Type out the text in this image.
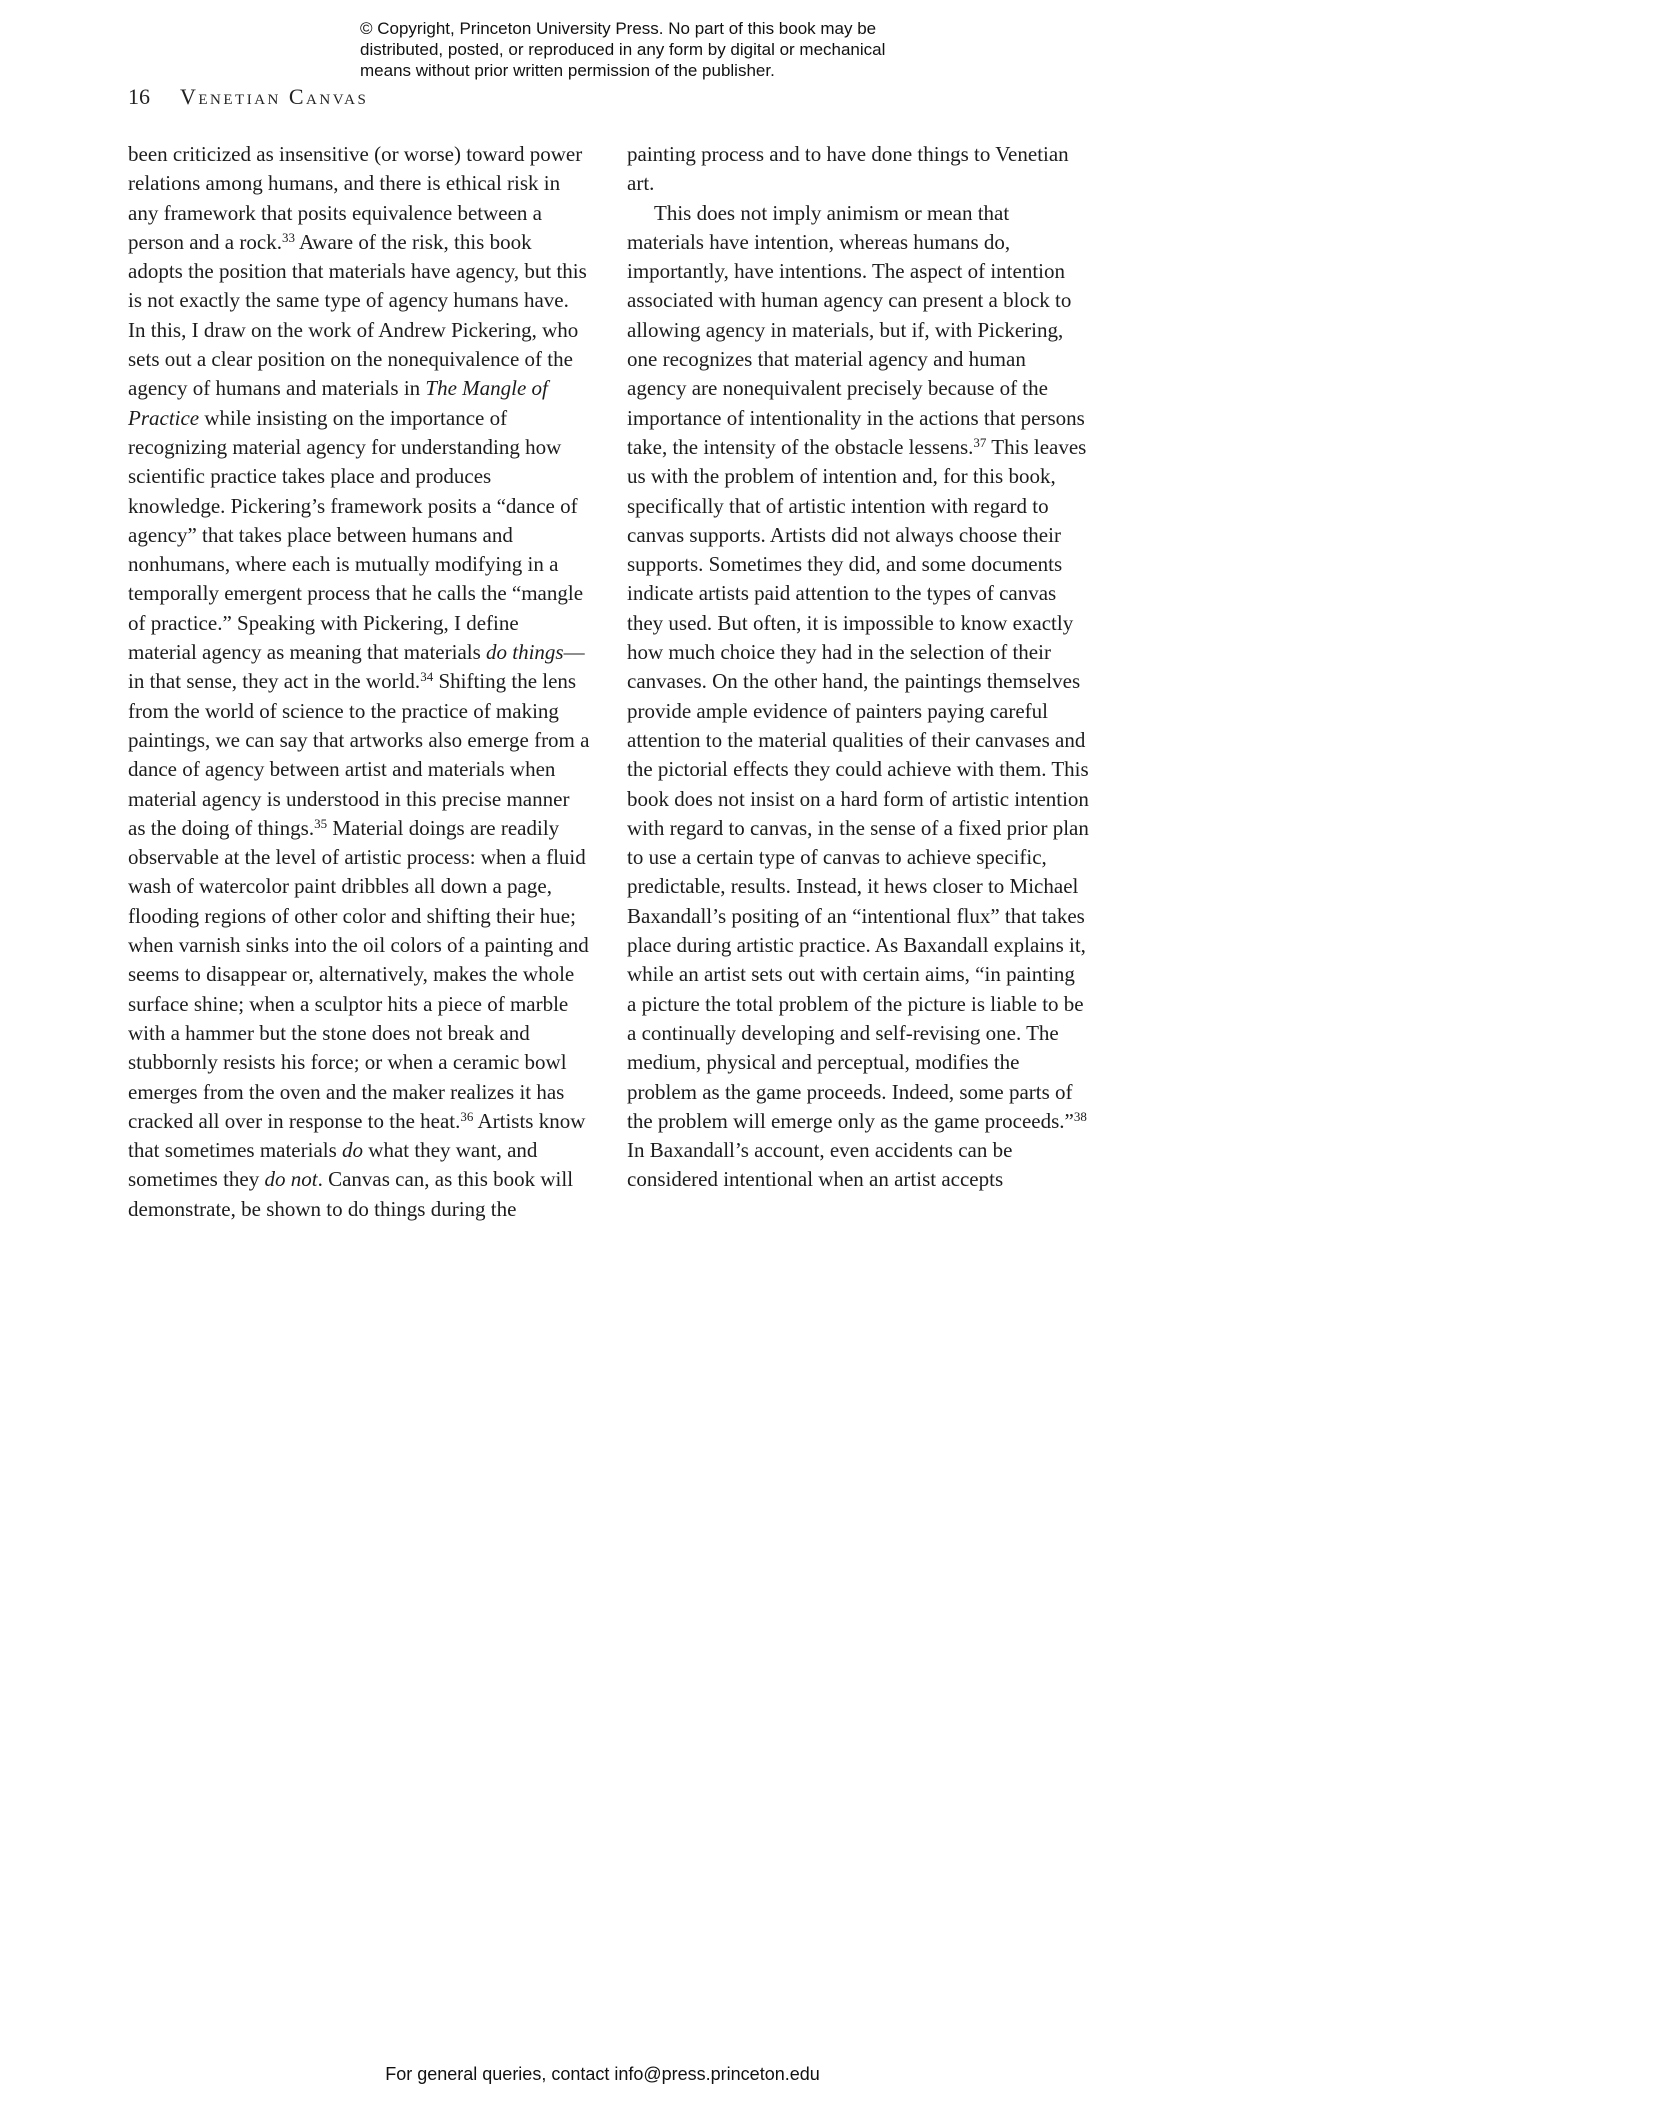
© Copyright, Princeton University Press. No part of this book may be
distributed, posted, or reproduced in any form by digital or mechanical
means without prior written permission of the publisher.
16 Venetian Canvas

been criticized as insensitive (or worse) toward power relations among humans, and there is ethical risk in any framework that posits equivalence between a person and a rock.$^{33}$ Aware of the risk, this book adopts the position that materials have agency, but this is not exactly the same type of agency humans have. In this, I draw on the work of Andrew Pickering, who sets out a clear position on the nonequivalence of the agency of humans and materials in The Mangle of Practice while insisting on the importance of recognizing material agency for understanding how scientific practice takes place and produces knowledge. Pickering’s framework posits a “dance of agency” that takes place between humans and nonhumans, where each is mutually modifying in a temporally emergent process that he calls the “mangle of practice.” Speaking with Pickering, I define material agency as meaning that materials do things—in that sense, they act in the world.$^{34}$ Shifting the lens from the world of science to the practice of making paintings, we can say that artworks also emerge from a dance of agency between artist and materials when material agency is understood in this precise manner as the doing of things.$^{35}$ Material doings are readily observable at the level of artistic process: when a fluid wash of watercolor paint dribbles all down a page, flooding regions of other color and shifting their hue; when varnish sinks into the oil colors of a painting and seems to disappear or, alternatively, makes the whole surface shine; when a sculptor hits a piece of marble with a hammer but the stone does not break and stubbornly resists his force; or when a ceramic bowl emerges from the oven and the maker realizes it has cracked all over in response to the heat.$^{36}$ Artists know that sometimes materials do what they want, and sometimes they do not. Canvas can, as this book will demonstrate, be shown to do things during the

painting process and to have done things to Venetian art.

This does not imply animism or mean that materials have intention, whereas humans do, importantly, have intentions. The aspect of intention associated with human agency can present a block to allowing agency in materials, but if, with Pickering, one recognizes that material agency and human agency are nonequivalent precisely because of the importance of intentionality in the actions that persons take, the intensity of the obstacle lessens.$^{37}$ This leaves us with the problem of intention and, for this book, specifically that of artistic intention with regard to canvas supports. Artists did not always choose their supports. Sometimes they did, and some documents indicate artists paid attention to the types of canvas they used. But often, it is impossible to know exactly how much choice they had in the selection of their canvases. On the other hand, the paintings themselves provide ample evidence of painters paying careful attention to the material qualities of their canvases and the pictorial effects they could achieve with them. This book does not insist on a hard form of artistic intention with regard to canvas, in the sense of a fixed prior plan to use a certain type of canvas to achieve specific, predictable, results. Instead, it hews closer to Michael Baxandall’s positing of an “intentional flux” that takes place during artistic practice. As Baxandall explains it, while an artist sets out with certain aims, “in painting a picture the total problem of the picture is liable to be a continually developing and self-revising one. The medium, physical and perceptual, modifies the problem as the game proceeds. Indeed, some parts of the problem will emerge only as the game proceeds.”$^{38}$ In Baxandall’s account, even accidents can be considered intentional when an artist accepts

For general queries, contact info@press.princeton.edu
